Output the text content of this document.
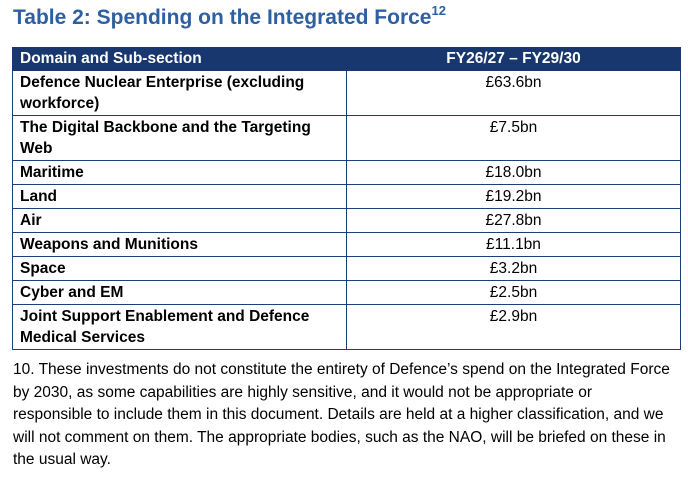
Table 2: Spending on the Integrated Force$^{12}$
Domain and Sub-section	FY26/27 – FY29/30
Defence Nuclear Enterprise (excluding workforce)	£63.6bn
The Digital Backbone and the Targeting Web	£7.5bn
Maritime	£18.0bn
Land	£19.2bn
Air	£27.8bn
Weapons and Munitions	£11.1bn
Space	£3.2bn
Cyber and EM	£2.5bn
Joint Support Enablement and Defence Medical Services	£2.9bn

10. These investments do not constitute the entirety of Defence’s spend on the Integrated Force by 2030, as some capabilities are highly sensitive, and it would not be appropriate or responsible to include them in this document. Details are held at a higher classification, and we will not comment on them. The appropriate bodies, such as the NAO, will be briefed on these in the usual way.
